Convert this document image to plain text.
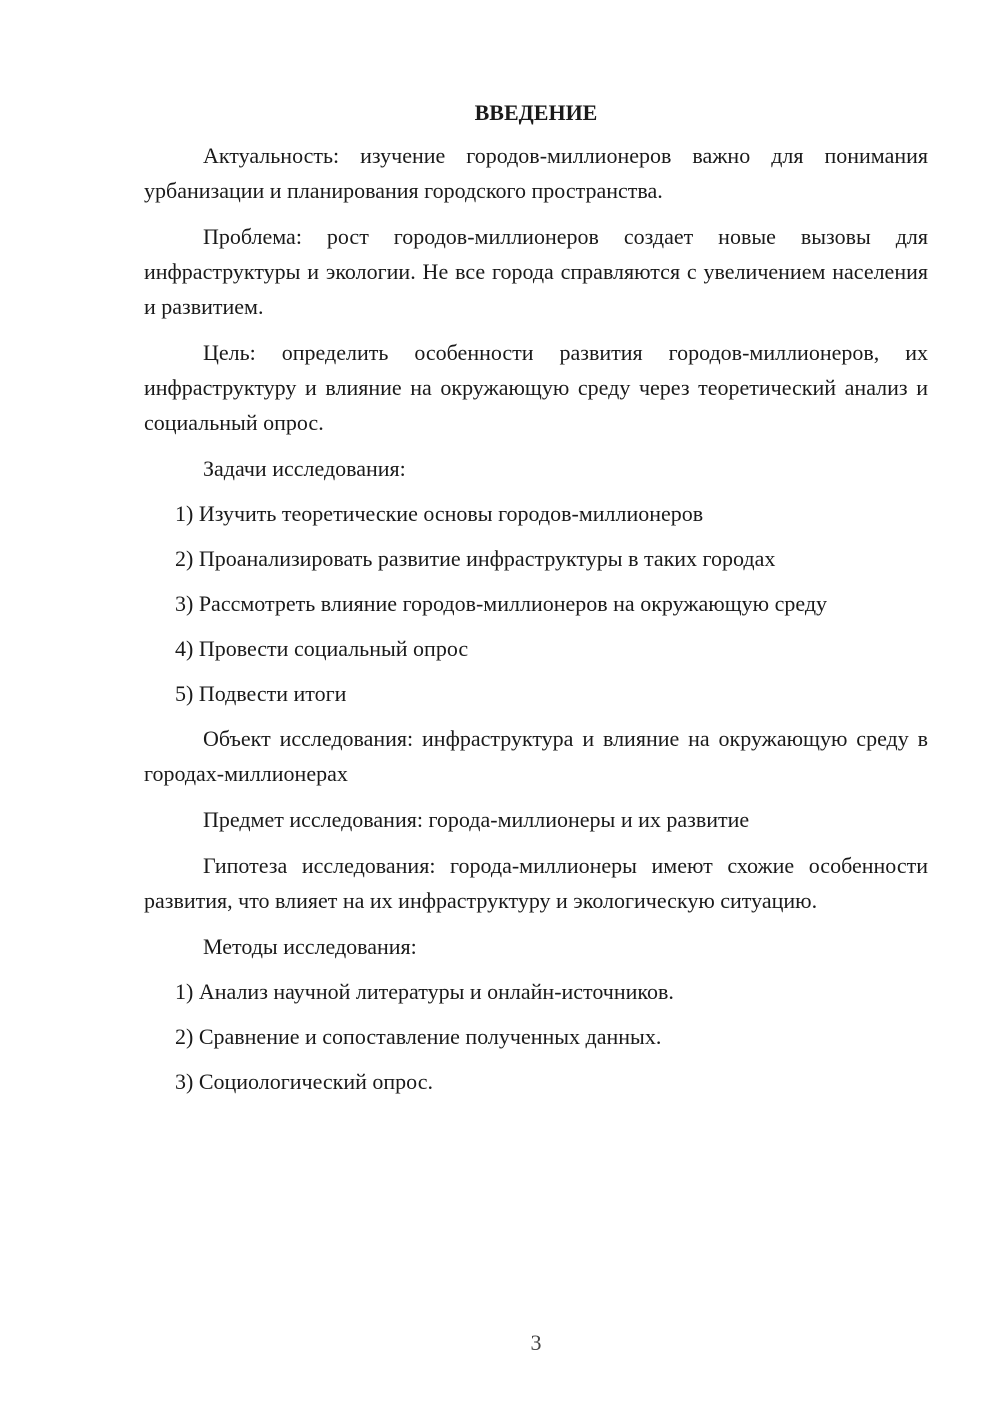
ВВЕДЕНИЕ

Актуальность: изучение городов-миллионеров важно для понимания урбанизации и планирования городского пространства.

Проблема: рост городов-миллионеров создает новые вызовы для инфраструктуры и экологии. Не все города справляются с увеличением населения и развитием.

Цель: определить особенности развития городов-миллионеров, их инфраструктуру и влияние на окружающую среду через теоретический анализ и социальный опрос.

Задачи исследования:

1) Изучить теоретические основы городов-миллионеров
2) Проанализировать развитие инфраструктуры в таких городах
3) Рассмотреть влияние городов-миллионеров на окружающую среду
4) Провести социальный опрос
5) Подвести итоги

Объект исследования: инфраструктура и влияние на окружающую среду в городах-миллионерах

Предмет исследования: города-миллионеры и их развитие

Гипотеза исследования: города-миллионеры имеют схожие особенности развития, что влияет на их инфраструктуру и экологическую ситуацию.

Методы исследования:

1) Анализ научной литературы и онлайн-источников.
2) Сравнение и сопоставление полученных данных.
3) Социологический опрос.
3
